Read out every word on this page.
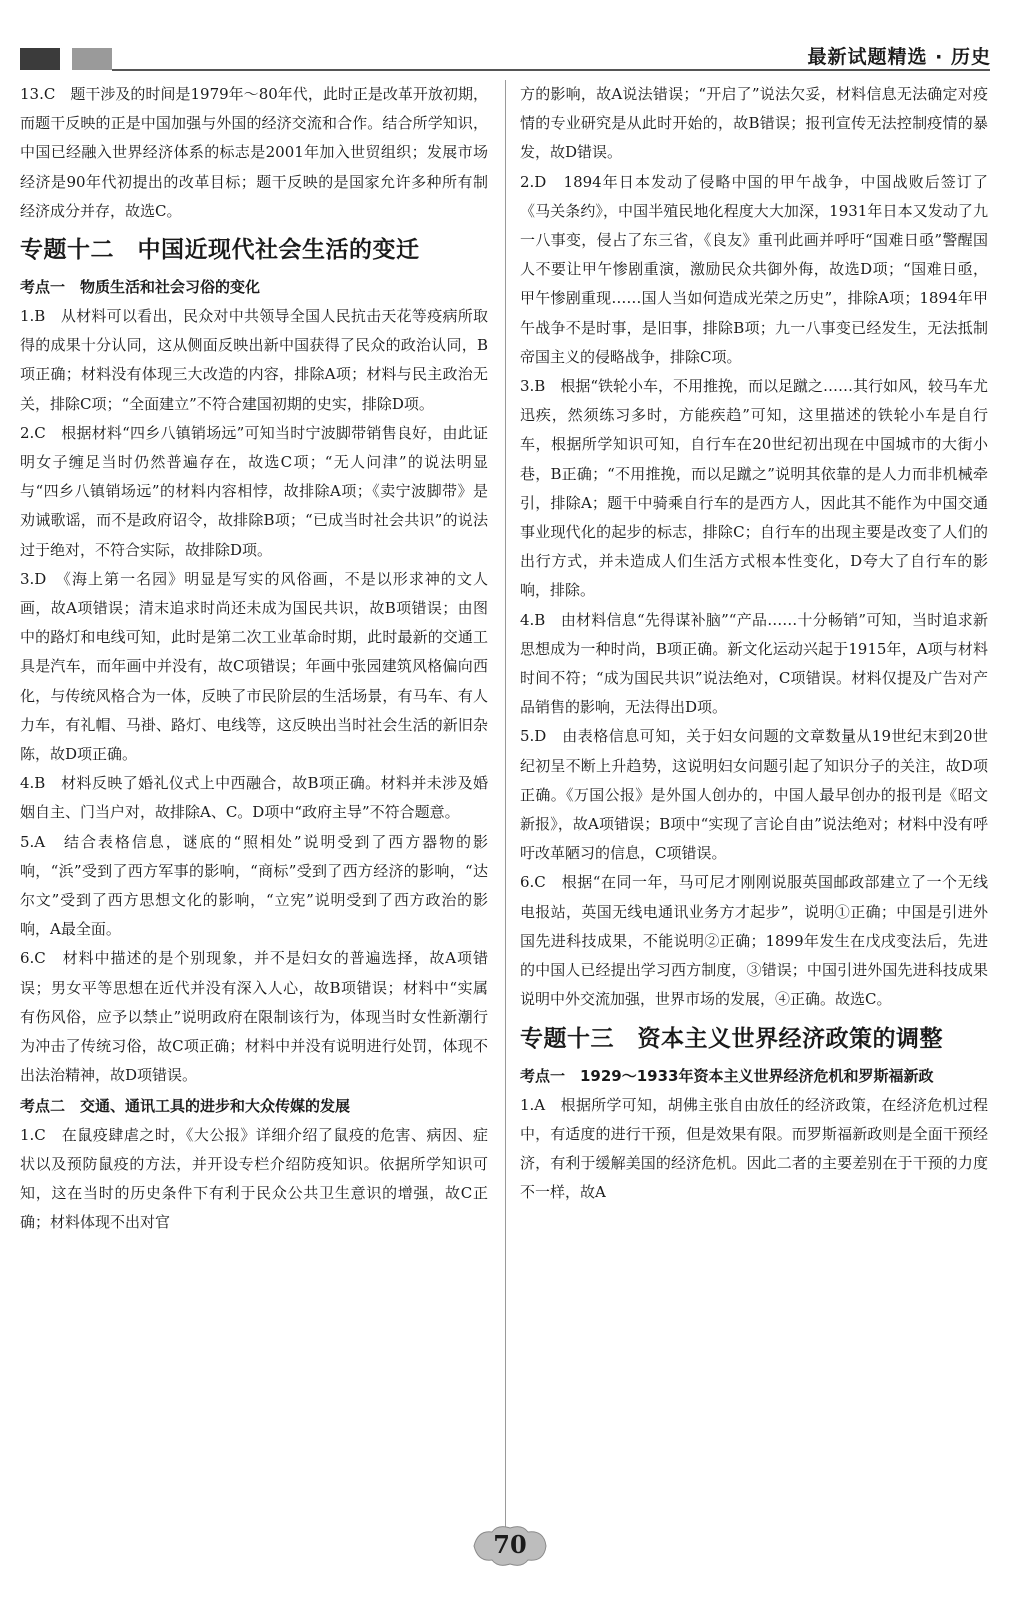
最新试题精选 · 历史

13.C　题干涉及的时间是1979年～80年代，此时正是改革开放初期，而题干反映的正是中国加强与外国的经济交流和合作。结合所学知识，中国已经融入世界经济体系的标志是2001年加入世贸组织；发展市场经济是90年代初提出的改革目标；题干反映的是国家允许多种所有制经济成分并存，故选C。

专题十二　中国近现代社会生活的变迁

考点一　物质生活和社会习俗的变化

1.B　从材料可以看出，民众对中共领导全国人民抗击天花等疫病所取得的成果十分认同，这从侧面反映出新中国获得了民众的政治认同，B项正确；材料没有体现三大改造的内容，排除A项；材料与民主政治无关，排除C项；“全面建立”不符合建国初期的史实，排除D项。

2.C　根据材料“四乡八镇销场远”可知当时宁波脚带销售良好，由此证明女子缠足当时仍然普遍存在，故选C项；“无人问津”的说法明显与“四乡八镇销场远”的材料内容相悖，故排除A项；《卖宁波脚带》是劝诫歌谣，而不是政府诏令，故排除B项；“已成当时社会共识”的说法过于绝对，不符合实际，故排除D项。

3.D　《海上第一名园》明显是写实的风俗画，不是以形求神的文人画，故A项错误；清末追求时尚还未成为国民共识，故B项错误；由图中的路灯和电线可知，此时是第二次工业革命时期，此时最新的交通工具是汽车，而年画中并没有，故C项错误；年画中张园建筑风格偏向西化，与传统风格合为一体，反映了市民阶层的生活场景，有马车、有人力车，有礼帽、马褂、路灯、电线等，这反映出当时社会生活的新旧杂陈，故D项正确。

4.B　材料反映了婚礼仪式上中西融合，故B项正确。材料并未涉及婚姻自主、门当户对，故排除A、C。D项中“政府主导”不符合题意。

5.A　结合表格信息，谜底的“照相处”说明受到了西方器物的影响，“浜”受到了西方军事的影响，“商标”受到了西方经济的影响，“达尔文”受到了西方思想文化的影响，“立宪”说明受到了西方政治的影响，A最全面。

6.C　材料中描述的是个别现象，并不是妇女的普遍选择，故A项错误；男女平等思想在近代并没有深入人心，故B项错误；材料中“实属有伤风俗，应予以禁止”说明政府在限制该行为，体现当时女性新潮行为冲击了传统习俗，故C项正确；材料中并没有说明进行处罚，体现不出法治精神，故D项错误。

考点二　交通、通讯工具的进步和大众传媒的发展

1.C　在鼠疫肆虐之时，《大公报》详细介绍了鼠疫的危害、病因、症状以及预防鼠疫的方法，并开设专栏介绍防疫知识。依据所学知识可知，这在当时的历史条件下有利于民众公共卫生意识的增强，故C正确；材料体现不出对官

方的影响，故A说法错误；“开启了”说法欠妥，材料信息无法确定对疫情的专业研究是从此时开始的，故B错误；报刊宣传无法控制疫情的暴发，故D错误。

2.D　1894年日本发动了侵略中国的甲午战争，中国战败后签订了《马关条约》，中国半殖民地化程度大大加深，1931年日本又发动了九一八事变，侵占了东三省，《良友》重刊此画并呼吁“国难日亟”警醒国人不要让甲午惨剧重演，激励民众共御外侮，故选D项；“国难日亟，甲午惨剧重现……国人当如何造成光荣之历史”，排除A项；1894年甲午战争不是时事，是旧事，排除B项；九一八事变已经发生，无法抵制帝国主义的侵略战争，排除C项。

3.B　根据“铁轮小车，不用推挽，而以足蹴之……其行如风，较马车尤迅疾，然须练习多时，方能疾趋”可知，这里描述的铁轮小车是自行车，根据所学知识可知，自行车在20世纪初出现在中国城市的大街小巷，B正确；“不用推挽，而以足蹴之”说明其依靠的是人力而非机械牵引，排除A；题干中骑乘自行车的是西方人，因此其不能作为中国交通事业现代化的起步的标志，排除C；自行车的出现主要是改变了人们的出行方式，并未造成人们生活方式根本性变化，D夸大了自行车的影响，排除。

4.B　由材料信息“先得谋补脑”“产品……十分畅销”可知，当时追求新思想成为一种时尚，B项正确。新文化运动兴起于1915年，A项与材料时间不符；“成为国民共识”说法绝对，C项错误。材料仅提及广告对产品销售的影响，无法得出D项。

5.D　由表格信息可知，关于妇女问题的文章数量从19世纪末到20世纪初呈不断上升趋势，这说明妇女问题引起了知识分子的关注，故D项正确。《万国公报》是外国人创办的，中国人最早创办的报刊是《昭文新报》，故A项错误；B项中“实现了言论自由”说法绝对；材料中没有呼吁改革陋习的信息，C项错误。

6.C　根据“在同一年，马可尼才刚刚说服英国邮政部建立了一个无线电报站，英国无线电通讯业务方才起步”，说明①正确；中国是引进外国先进科技成果，不能说明②正确；1899年发生在戊戌变法后，先进的中国人已经提出学习西方制度，③错误；中国引进外国先进科技成果说明中外交流加强，世界市场的发展，④正确。故选C。

专题十三　资本主义世界经济政策的调整

考点一　1929～1933年资本主义世界经济危机和罗斯福新政

1.A　根据所学可知，胡佛主张自由放任的经济政策，在经济危机过程中，有适度的进行干预，但是效果有限。而罗斯福新政则是全面干预经济，有利于缓解美国的经济危机。因此二者的主要差别在于干预的力度不一样，故A

70
